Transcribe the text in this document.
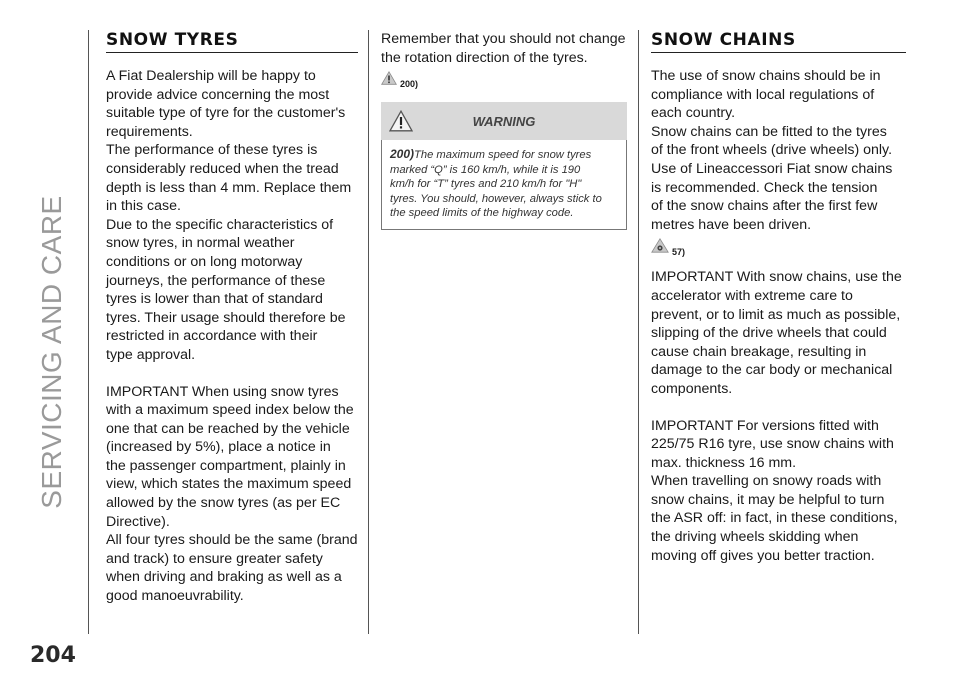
SERVICING AND CARE
204
SNOW TYRES
A Fiat Dealership will be happy to
provide advice concerning the most
suitable type of tyre for the customer's
requirements.
The performance of these tyres is
considerably reduced when the tread
depth is less than 4 mm. Replace them
in this case.
Due to the specific characteristics of
snow tyres, in normal weather
conditions or on long motorway
journeys, the performance of these
tyres is lower than that of standard
tyres. Their usage should therefore be
restricted in accordance with their
type approval.
IMPORTANT When using snow tyres
with a maximum speed index below the
one that can be reached by the vehicle
(increased by 5%), place a notice in
the passenger compartment, plainly in
view, which states the maximum speed
allowed by the snow tyres (as per EC
Directive).
All four tyres should be the same (brand
and track) to ensure greater safety
when driving and braking as well as a
good manoeuvrability.
Remember that you should not change
the rotation direction of the tyres.
200)
WARNING
200)The maximum speed for snow tyres
marked “Q” is 160 km/h, while it is 190
km/h for “T” tyres and 210 km/h for "H"
tyres. You should, however, always stick to
the speed limits of the highway code.
SNOW CHAINS
The use of snow chains should be in
compliance with local regulations of
each country.
Snow chains can be fitted to the tyres
of the front wheels (drive wheels) only.
Use of Lineaccessori Fiat snow chains
is recommended. Check the tension
of the snow chains after the first few
metres have been driven.
57)
IMPORTANT With snow chains, use the
accelerator with extreme care to
prevent, or to limit as much as possible,
slipping of the drive wheels that could
cause chain breakage, resulting in
damage to the car body or mechanical
components.
IMPORTANT For versions fitted with
225/75 R16 tyre, use snow chains with
max. thickness 16 mm.
When travelling on snowy roads with
snow chains, it may be helpful to turn
the ASR off: in fact, in these conditions,
the driving wheels skidding when
moving off gives you better traction.
